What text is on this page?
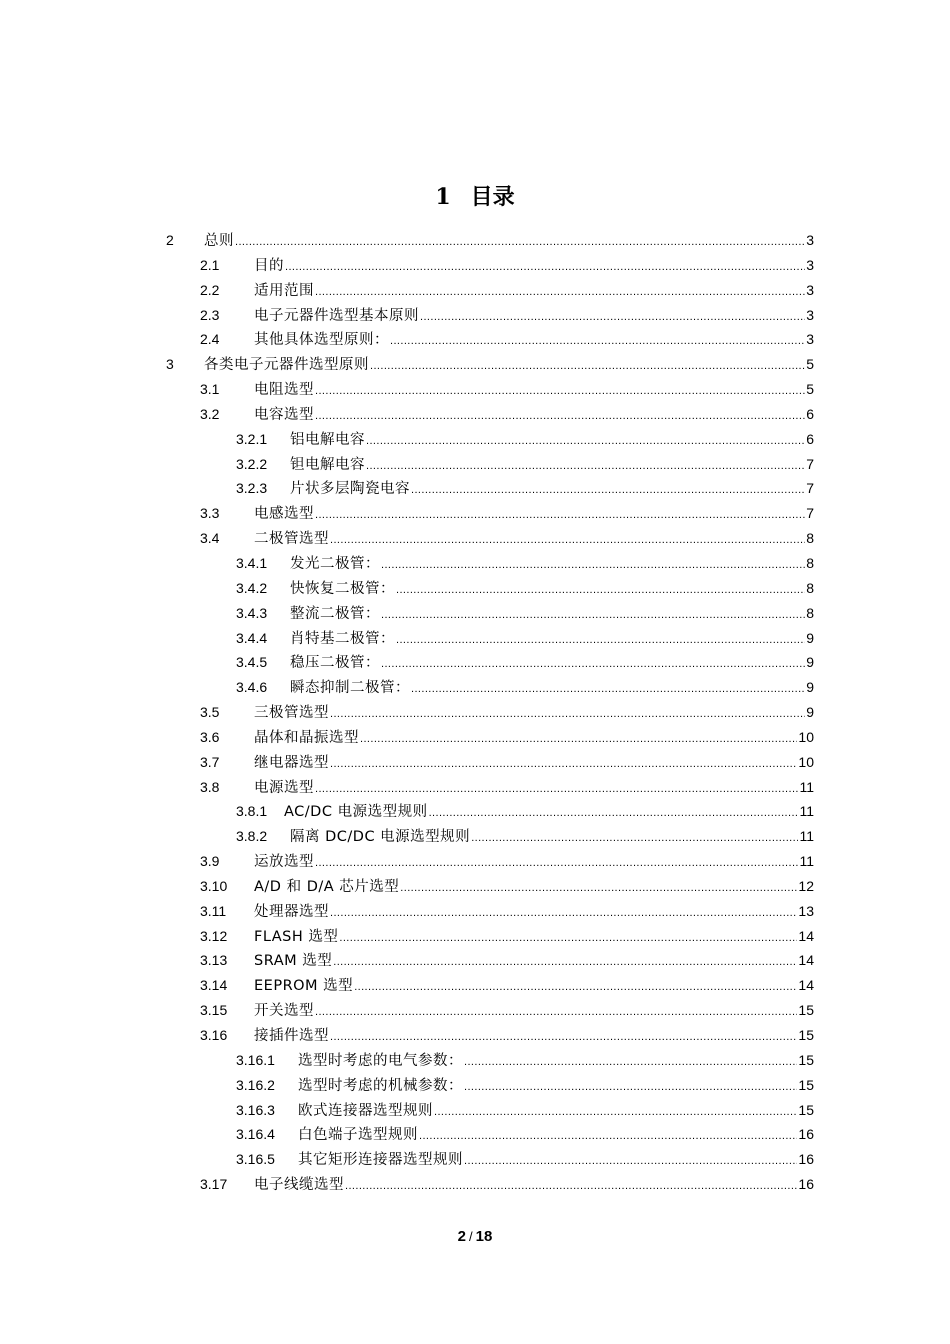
1 目录
2	总则 .....	3
2.1	目的 .....	3
2.2	适用范围 .....	3
2.3	电子元器件选型基本原则 .....	3
2.4	其他具体选型原则： .....	3
3	各类电子元器件选型原则 .....	5
3.1	电阻选型 .....	5
3.2	电容选型 .....	6
3.2.1	铝电解电容 .....	6
3.2.2	钽电解电容 .....	7
3.2.3	片状多层陶瓷电容 .....	7
3.3	电感选型 .....	7
3.4	二极管选型 .....	8
3.4.1	发光二极管： .....	8
3.4.2	快恢复二极管： .....	8
3.4.3	整流二极管： .....	8
3.4.4	肖特基二极管： .....	9
3.4.5	稳压二极管： .....	9
3.4.6	瞬态抑制二极管： .....	9
3.5	三极管选型 .....	9
3.6	晶体和晶振选型 .....	10
3.7	继电器选型 .....	10
3.8	电源选型 .....	11
3.8.1	AC/DC 电源选型规则 .....	11
3.8.2	隔离 DC/DC 电源选型规则 .....	11
3.9	运放选型 .....	11
3.10	A/D 和 D/A 芯片选型 .....	12
3.11	处理器选型 .....	13
3.12	FLASH 选型 .....	14
3.13	SRAM 选型 .....	14
3.14	EEPROM 选型 .....	14
3.15	开关选型 .....	15
3.16	接插件选型 .....	15
3.16.1	选型时考虑的电气参数： .....	15
3.16.2	选型时考虑的机械参数： .....	15
3.16.3	欧式连接器选型规则 .....	15
3.16.4	白色端子选型规则 .....	16
3.16.5	其它矩形连接器选型规则 .....	16
3.17	电子线缆选型 .....	16
2 / 18
